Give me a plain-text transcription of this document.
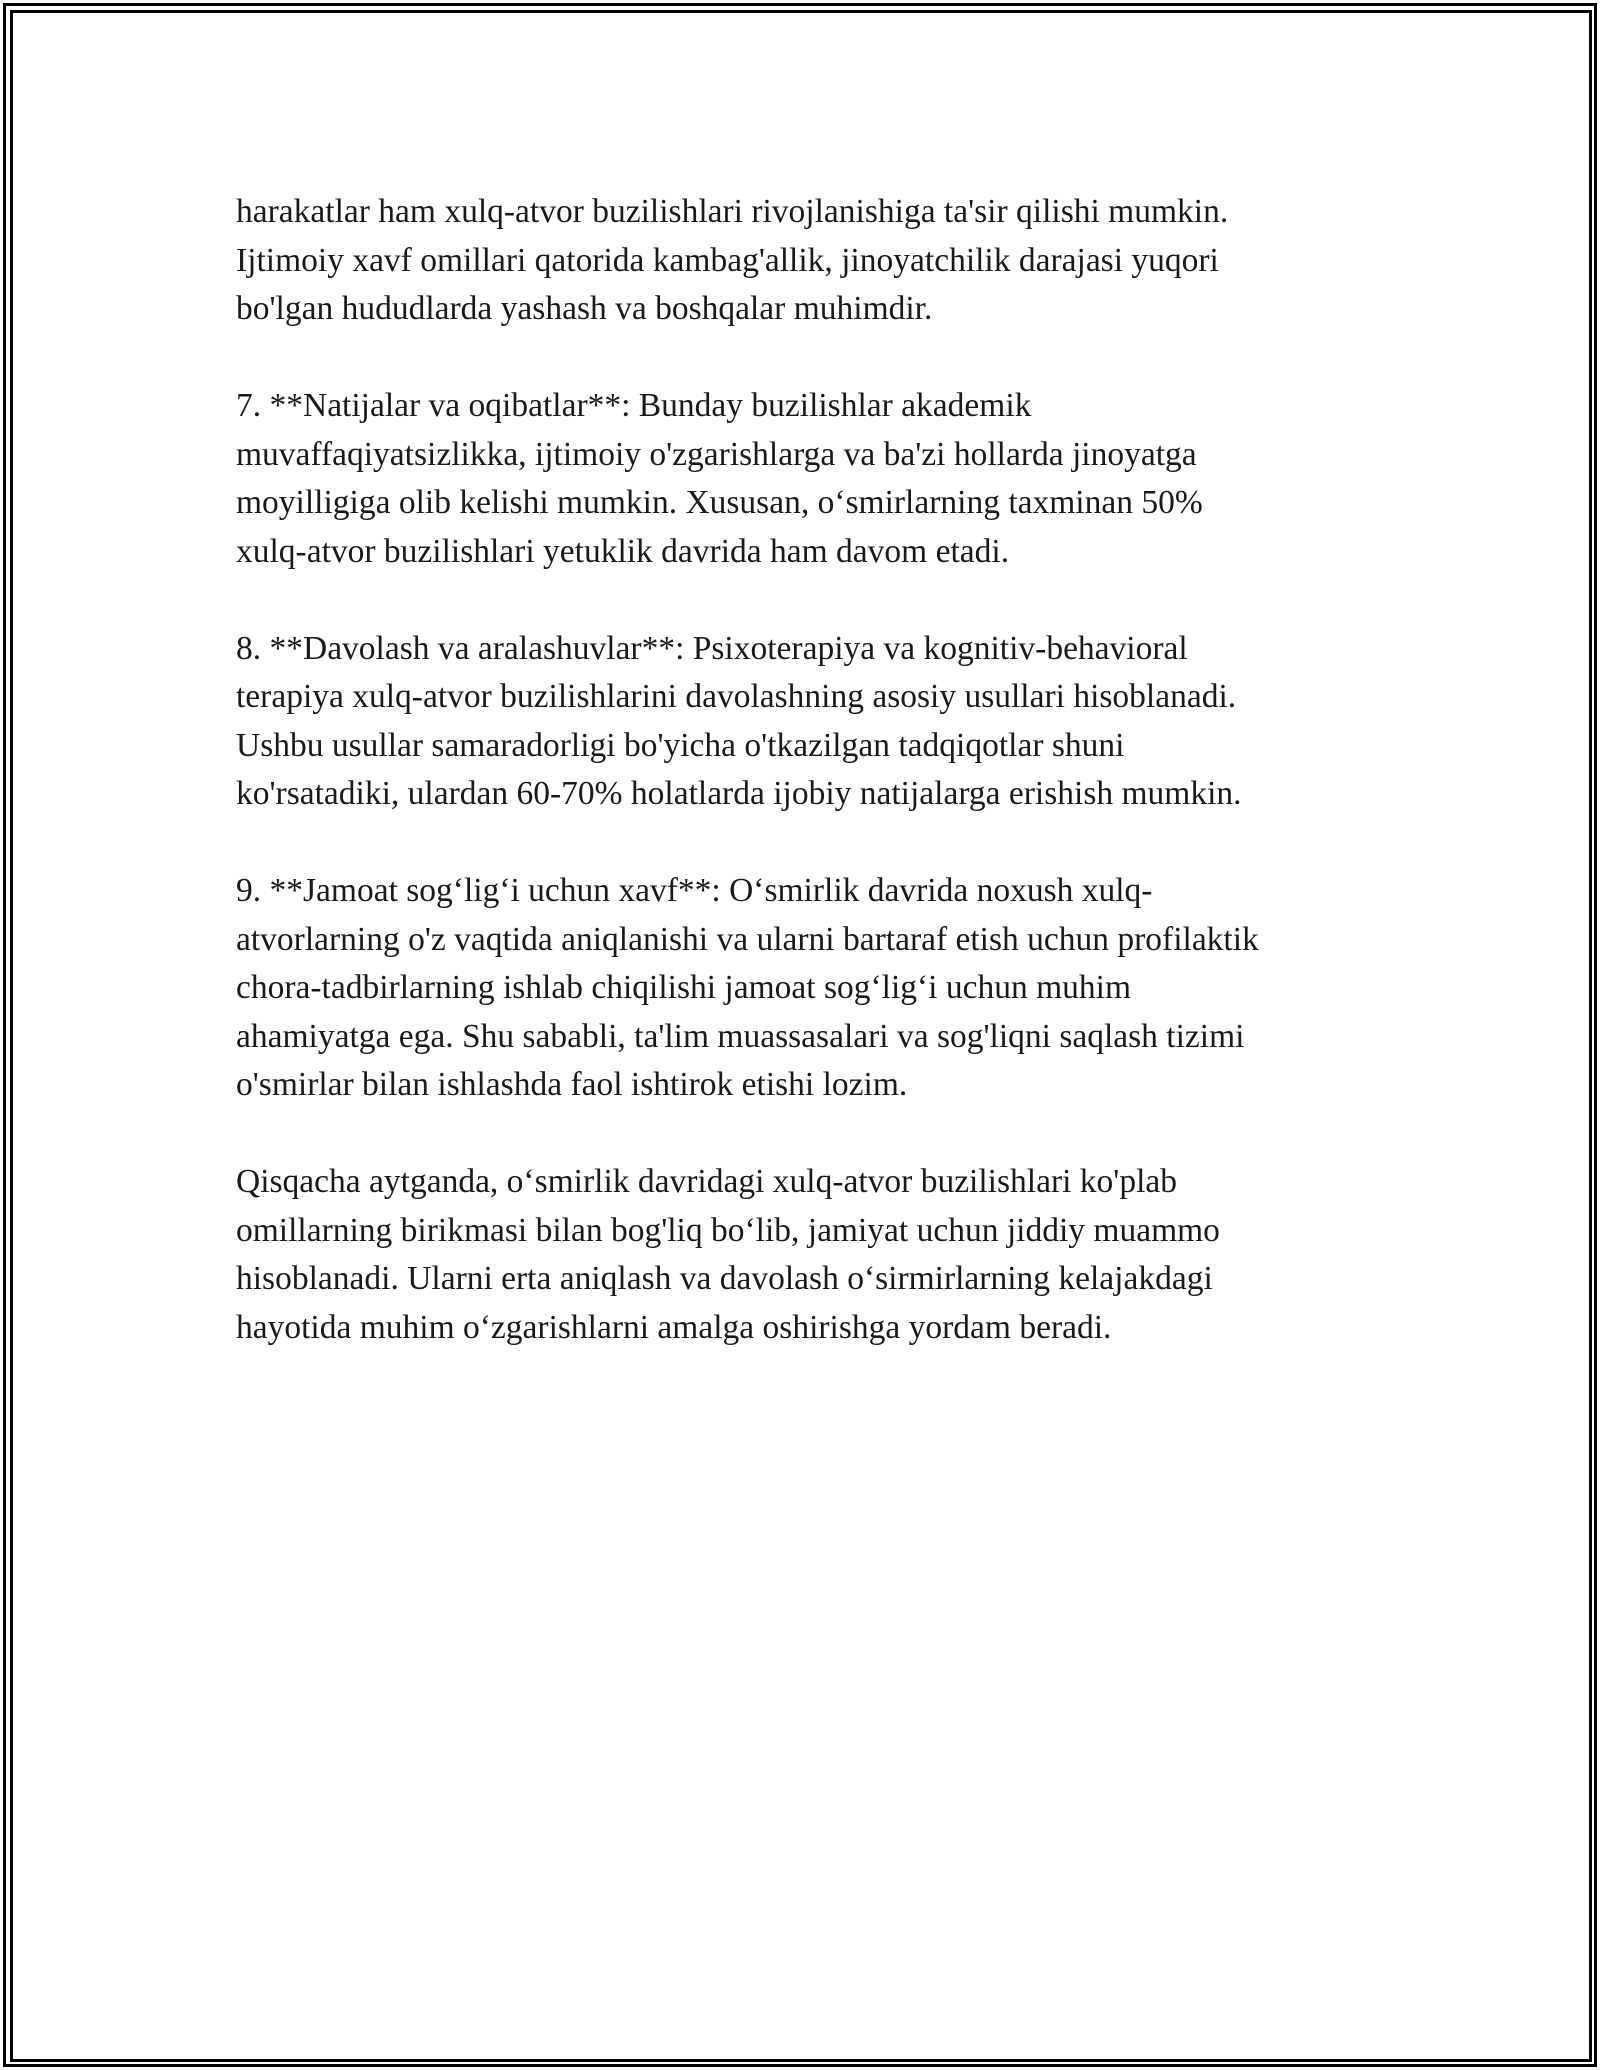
harakatlar ham xulq-atvor buzilishlari rivojlanishiga ta'sir qilishi mumkin.
Ijtimoiy xavf omillari qatorida kambag'allik, jinoyatchilik darajasi yuqori
bo'lgan hududlarda yashash va boshqalar muhimdir.

7. **Natijalar va oqibatlar**: Bunday buzilishlar akademik
muvaffaqiyatsizlikka, ijtimoiy o'zgarishlarga va ba'zi hollarda jinoyatga
moyilligiga olib kelishi mumkin. Xususan, o‘smirlarning taxminan 50%
xulq-atvor buzilishlari yetuklik davrida ham davom etadi.

8. **Davolash va aralashuvlar**: Psixoterapiya va kognitiv-behavioral
terapiya xulq-atvor buzilishlarini davolashning asosiy usullari hisoblanadi.
Ushbu usullar samaradorligi bo'yicha o'tkazilgan tadqiqotlar shuni
ko'rsatadiki, ulardan 60-70% holatlarda ijobiy natijalarga erishish mumkin.

9. **Jamoat sog‘lig‘i uchun xavf**: O‘smirlik davrida noxush xulq-
atvorlarning o'z vaqtida aniqlanishi va ularni bartaraf etish uchun profilaktik
chora-tadbirlarning ishlab chiqilishi jamoat sog‘lig‘i uchun muhim
ahamiyatga ega. Shu sababli, ta'lim muassasalari va sog'liqni saqlash tizimi
o'smirlar bilan ishlashda faol ishtirok etishi lozim.

Qisqacha aytganda, o‘smirlik davridagi xulq-atvor buzilishlari ko'plab
omillarning birikmasi bilan bog'liq bo‘lib, jamiyat uchun jiddiy muammo
hisoblanadi. Ularni erta aniqlash va davolash o‘sirmirlarning kelajakdagi
hayotida muhim o‘zgarishlarni amalga oshirishga yordam beradi.
